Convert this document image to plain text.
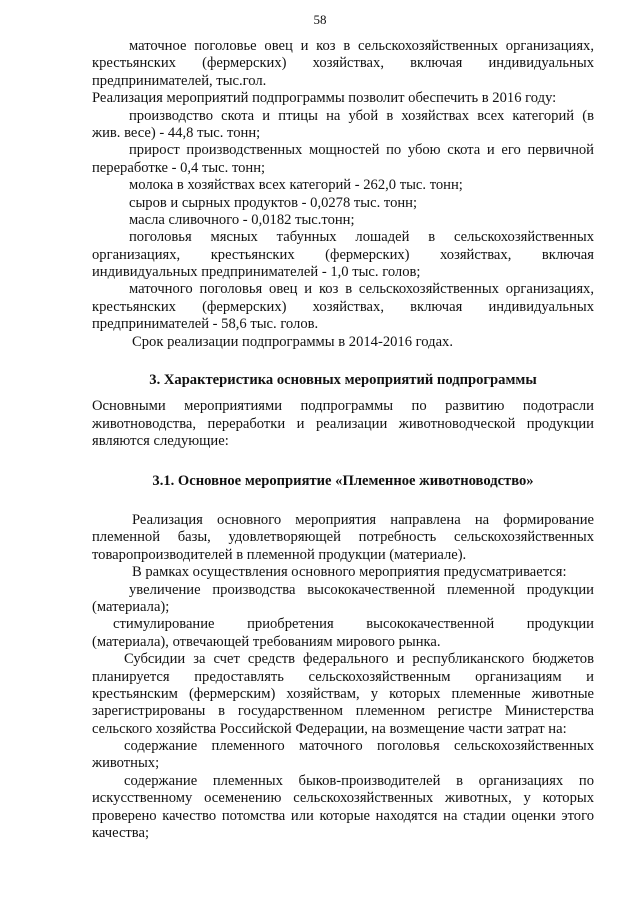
58
маточное поголовье овец и коз в сельскохозяйственных организациях,
крестьянских (фермерских) хозяйствах, включая индивидуальных
предпринимателей, тыс.гол.
Реализация мероприятий подпрограммы позволит обеспечить в 2016 году:
производство скота и птицы на убой в хозяйствах всех категорий (в
жив. весе) - 44,8 тыс. тонн;
прирост производственных мощностей по убою скота и его первичной
переработке - 0,4 тыс. тонн;
молока в хозяйствах всех категорий - 262,0 тыс. тонн;
сыров и сырных продуктов - 0,0278 тыс. тонн;
масла сливочного - 0,0182 тыс.тонн;
поголовья мясных табунных лошадей в сельскохозяйственных
организациях, крестьянских (фермерских) хозяйствах, включая
индивидуальных предпринимателей - 1,0 тыс. голов;
маточного поголовья овец и коз в сельскохозяйственных организациях,
крестьянских (фермерских) хозяйствах, включая индивидуальных
предпринимателей - 58,6 тыс. голов.
Срок реализации подпрограммы в 2014-2016 годах.
3. Характеристика основных мероприятий подпрограммы
Основными мероприятиями подпрограммы по развитию подотрасли
животноводства, переработки и реализации животноводческой продукции
являются следующие:
3.1. Основное мероприятие «Племенное животноводство»
Реализация основного мероприятия направлена на формирование
племенной базы, удовлетворяющей потребность сельскохозяйственных
товаропроизводителей в племенной продукции (материале).
В рамках осуществления основного мероприятия предусматривается:
увеличение производства высококачественной племенной продукции
(материала);
стимулирование приобретения высококачественной продукции
(материала), отвечающей требованиям мирового рынка.
Субсидии за счет средств федерального и республиканского бюджетов
планируется предоставлять сельскохозяйственным организациям и
крестьянским (фермерским) хозяйствам, у которых племенные животные
зарегистрированы в государственном племенном регистре Министерства
сельского хозяйства Российской Федерации, на возмещение части затрат на:
содержание племенного маточного поголовья сельскохозяйственных
животных;
содержание племенных быков-производителей в организациях по
искусственному осеменению сельскохозяйственных животных, у которых
проверено качество потомства или которые находятся на стадии оценки этого
качества;
